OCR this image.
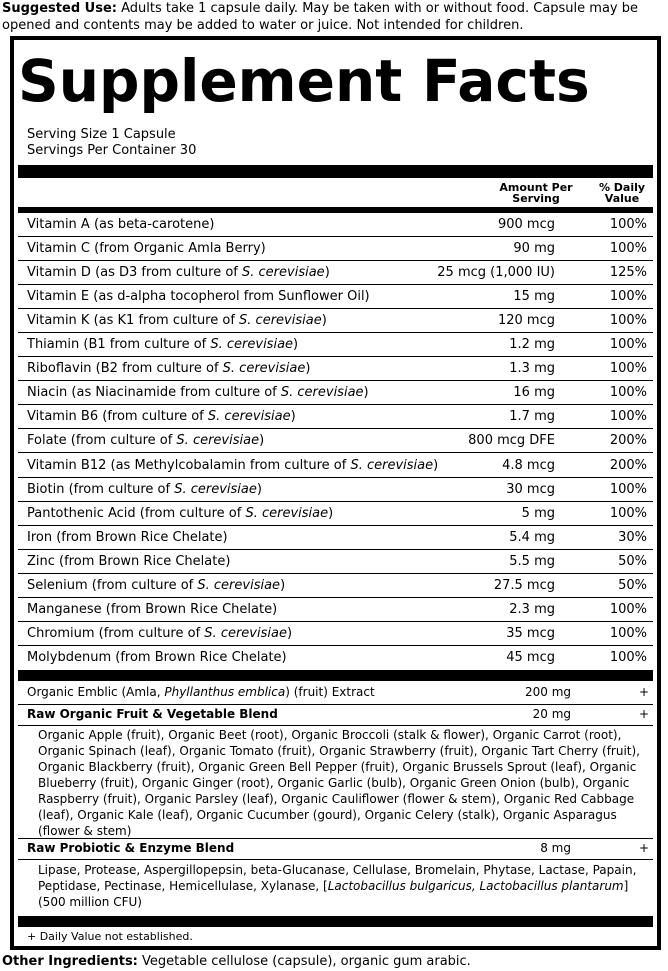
Suggested Use: Adults take 1 capsule daily. May be taken with or without food. Capsule may be opened and contents may be added to water or juice. Not intended for children.
Supplement Facts
Serving Size 1 Capsule
Servings Per Container 30
Amount Per
Serving
% Daily
Value
Vitamin A (as beta-carotene)	900 mcg	100%
Vitamin C (from Organic Amla Berry)	90 mg	100%
Vitamin D (as D3 from culture of S. cerevisiae)	25 mcg (1,000 IU)	125%
Vitamin E (as d-alpha tocopherol from Sunflower Oil)	15 mg	100%
Vitamin K (as K1 from culture of S. cerevisiae)	120 mcg	100%
Thiamin (B1 from culture of S. cerevisiae)	1.2 mg	100%
Riboflavin (B2 from culture of S. cerevisiae)	1.3 mg	100%
Niacin (as Niacinamide from culture of S. cerevisiae)	16 mg	100%
Vitamin B6 (from culture of S. cerevisiae)	1.7 mg	100%
Folate (from culture of S. cerevisiae)	800 mcg DFE	200%
Vitamin B12 (as Methylcobalamin from culture of S. cerevisiae)	4.8 mcg	200%
Biotin (from culture of S. cerevisiae)	30 mcg	100%
Pantothenic Acid (from culture of S. cerevisiae)	5 mg	100%
Iron (from Brown Rice Chelate)	5.4 mg	30%
Zinc (from Brown Rice Chelate)	5.5 mg	50%
Selenium (from culture of S. cerevisiae)	27.5 mcg	50%
Manganese (from Brown Rice Chelate)	2.3 mg	100%
Chromium (from culture of S. cerevisiae)	35 mcg	100%
Molybdenum (from Brown Rice Chelate)	45 mcg	100%
Organic Emblic (Amla, Phyllanthus emblica) (fruit) Extract	200 mg	+
Raw Organic Fruit & Vegetable Blend	20 mg	+
Organic Apple (fruit), Organic Beet (root), Organic Broccoli (stalk & flower), Organic Carrot (root), Organic Spinach (leaf), Organic Tomato (fruit), Organic Strawberry (fruit), Organic Tart Cherry (fruit), Organic Blackberry (fruit), Organic Green Bell Pepper (fruit), Organic Brussels Sprout (leaf), Organic Blueberry (fruit), Organic Ginger (root), Organic Garlic (bulb), Organic Green Onion (bulb), Organic Raspberry (fruit), Organic Parsley (leaf), Organic Cauliflower (flower & stem), Organic Red Cabbage (leaf), Organic Kale (leaf), Organic Cucumber (gourd), Organic Celery (stalk), Organic Asparagus (flower & stem)
Raw Probiotic & Enzyme Blend	8 mg	+
Lipase, Protease, Aspergillopepsin, beta-Glucanase, Cellulase, Bromelain, Phytase, Lactase, Papain, Peptidase, Pectinase, Hemicellulase, Xylanase, [Lactobacillus bulgaricus, Lactobacillus plantarum] (500 million CFU)
+ Daily Value not established.
Other Ingredients: Vegetable cellulose (capsule), organic gum arabic.
